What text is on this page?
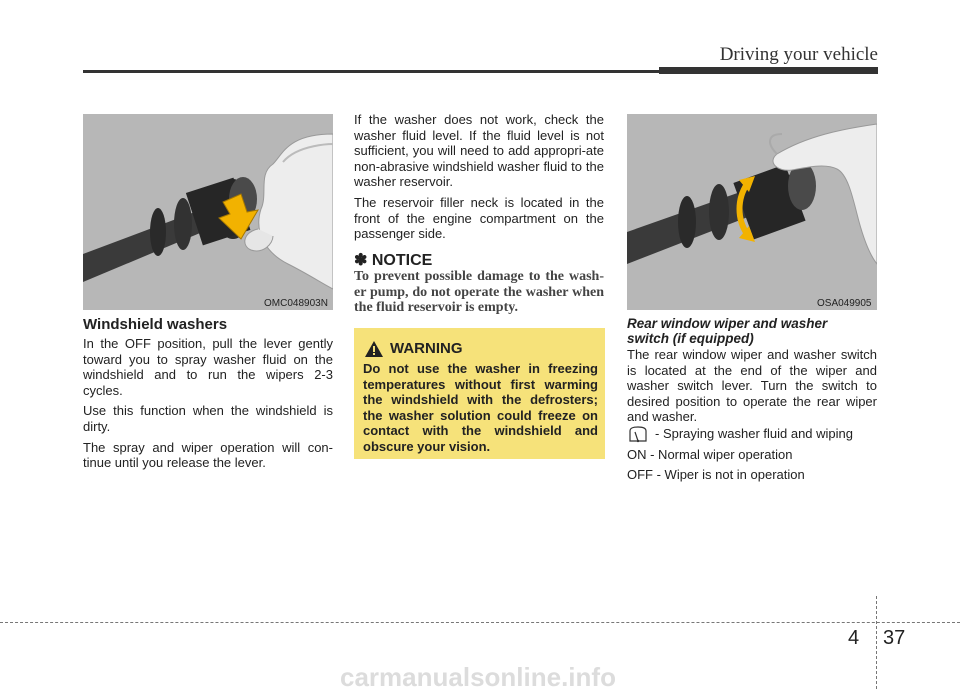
Driving your vehicle
OMC048903N
Windshield washers

In the OFF position, pull the lever gently toward you to spray washer fluid on the windshield and to run the wipers 2-3 cycles.

Use this function when the windshield is dirty.

The spray and wiper operation will con-tinue until you release the lever.

If the washer does not work, check the washer fluid level. If the fluid level is not sufficient, you will need to add appropri-ate non-abrasive windshield washer fluid to the washer reservoir.

The reservoir filler neck is located in the front of the engine compartment on the passenger side.

✽ NOTICE
To prevent possible damage to the wash-er pump, do not operate the washer when the fluid reservoir is empty.
WARNING
Do not use the washer in freezing temperatures without first warming the windshield with the defrosters; the washer solution could freeze on contact with the windshield and obscure your vision.
OSA049905
Rear window wiper and washer
switch (if equipped)

The rear window wiper and washer switch is located at the end of the wiper and washer switch lever. Turn the switch to desired position to operate the rear wiper and washer.

- Spraying washer fluid and wiping
ON - Normal wiper operation
OFF - Wiper is not in operation
4 37
carmanualsonline.info
